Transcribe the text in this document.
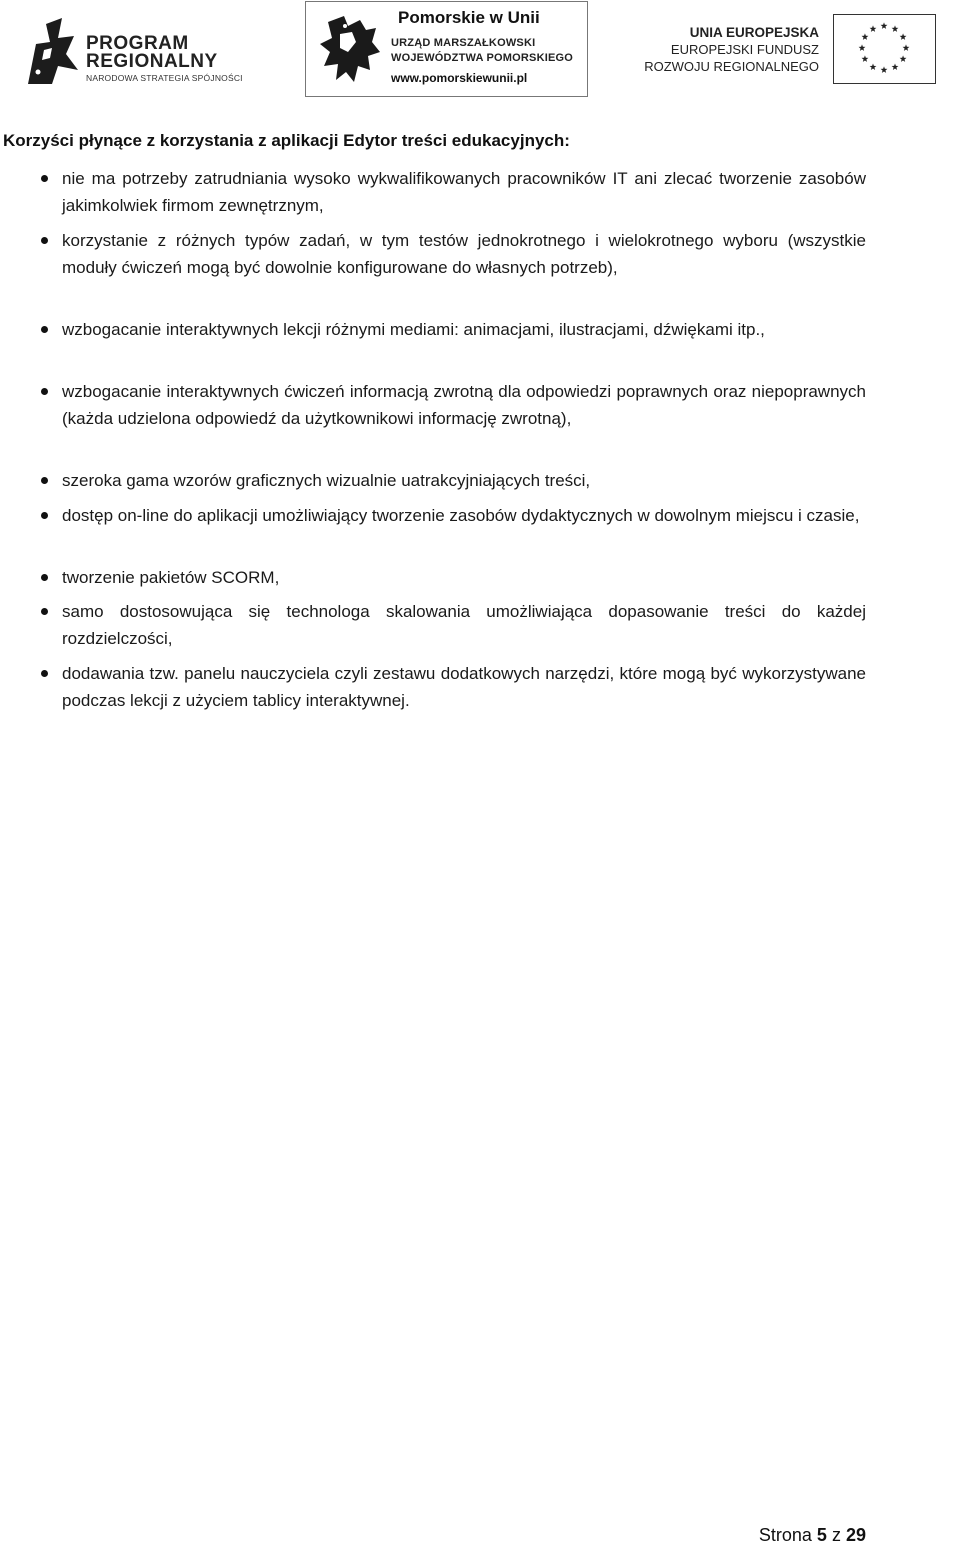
PROGRAM
REGIONALNY
NARODOWA STRATEGIA SPÓJNOŚCI
Pomorskie w Unii
URZĄD MARSZAŁKOWSKI
WOJEWÓDZTWA POMORSKIEGO
www.pomorskiewunii.pl
UNIA EUROPEJSKA
EUROPEJSKI FUNDUSZ
ROZWOJU REGIONALNEGO
Korzyści płynące z korzystania z aplikacji Edytor treści edukacyjnych:
nie ma potrzeby zatrudniania wysoko wykwalifikowanych pracowników IT ani zlecać tworzenie zasobów jakimkolwiek firmom zewnętrznym,
korzystanie z różnych typów zadań, w tym testów jednokrotnego i wielokrotnego wyboru (wszystkie moduły ćwiczeń mogą być dowolnie konfigurowane do własnych potrzeb),
wzbogacanie interaktywnych lekcji różnymi mediami: animacjami, ilustracjami, dźwiękami itp.,
wzbogacanie interaktywnych ćwiczeń informacją zwrotną dla odpowiedzi poprawnych oraz niepoprawnych (każda udzielona odpowiedź da użytkownikowi informację zwrotną),
szeroka gama wzorów graficznych wizualnie uatrakcyjniających treści,
dostęp on-line do aplikacji umożliwiający tworzenie zasobów dydaktycznych w dowolnym miejscu i czasie,
tworzenie pakietów SCORM,
samo dostosowująca się technologa skalowania umożliwiająca dopasowanie treści do każdej rozdzielczości,
dodawania tzw. panelu nauczyciela czyli zestawu dodatkowych narzędzi, które mogą być wykorzystywane podczas lekcji z użyciem tablicy interaktywnej.
Strona 5 z 29
